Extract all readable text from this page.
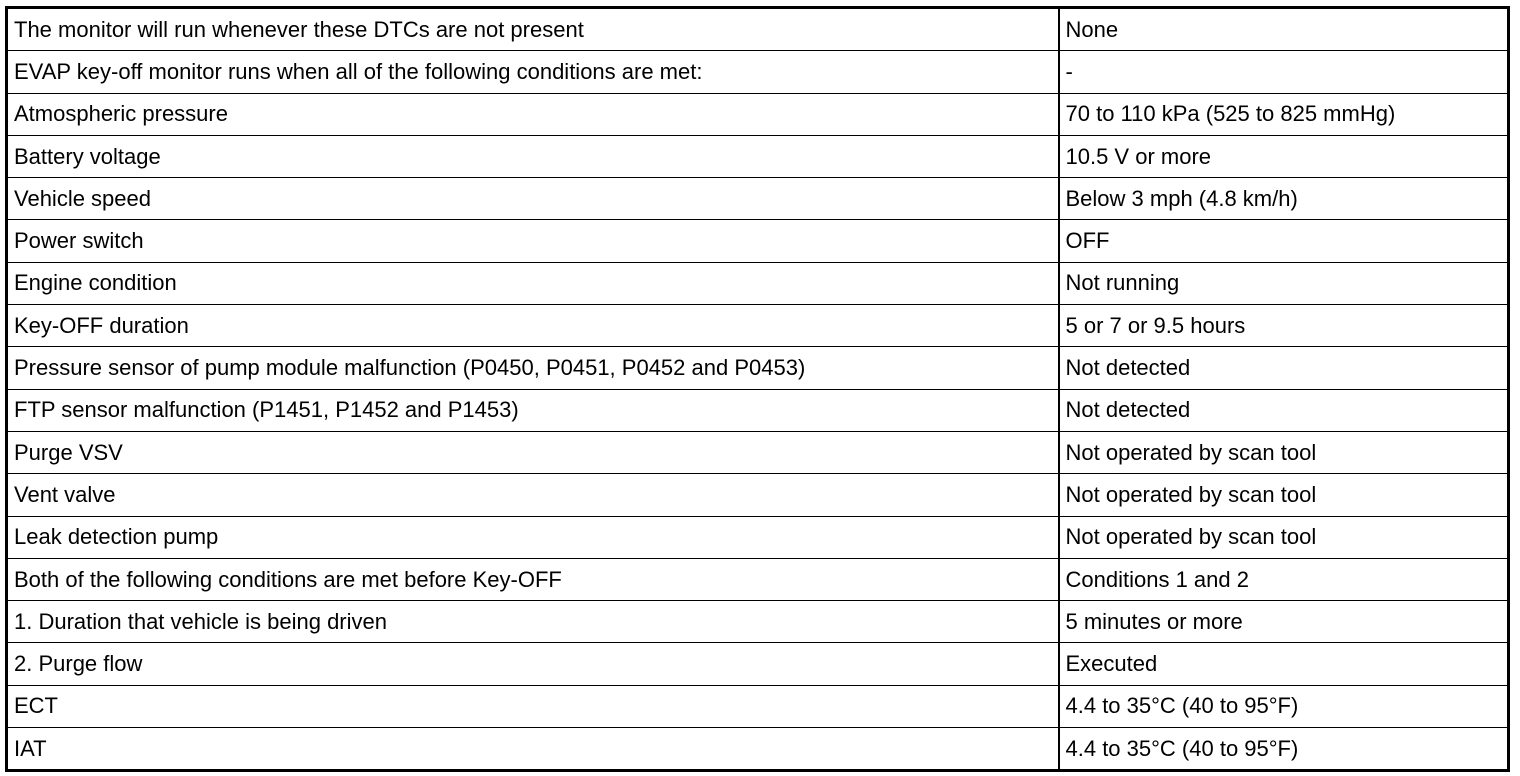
The monitor will run whenever these DTCs are not present	None
EVAP key-off monitor runs when all of the following conditions are met:	-
Atmospheric pressure	70 to 110 kPa (525 to 825 mmHg)
Battery voltage	10.5 V or more
Vehicle speed	Below 3 mph (4.8 km/h)
Power switch	OFF
Engine condition	Not running
Key-OFF duration	5 or 7 or 9.5 hours
Pressure sensor of pump module malfunction (P0450, P0451, P0452 and P0453)	Not detected
FTP sensor malfunction (P1451, P1452 and P1453)	Not detected
Purge VSV	Not operated by scan tool
Vent valve	Not operated by scan tool
Leak detection pump	Not operated by scan tool
Both of the following conditions are met before Key-OFF	Conditions 1 and 2
1. Duration that vehicle is being driven	5 minutes or more
2. Purge flow	Executed
ECT	4.4 to 35°C (40 to 95°F)
IAT	4.4 to 35°C (40 to 95°F)
